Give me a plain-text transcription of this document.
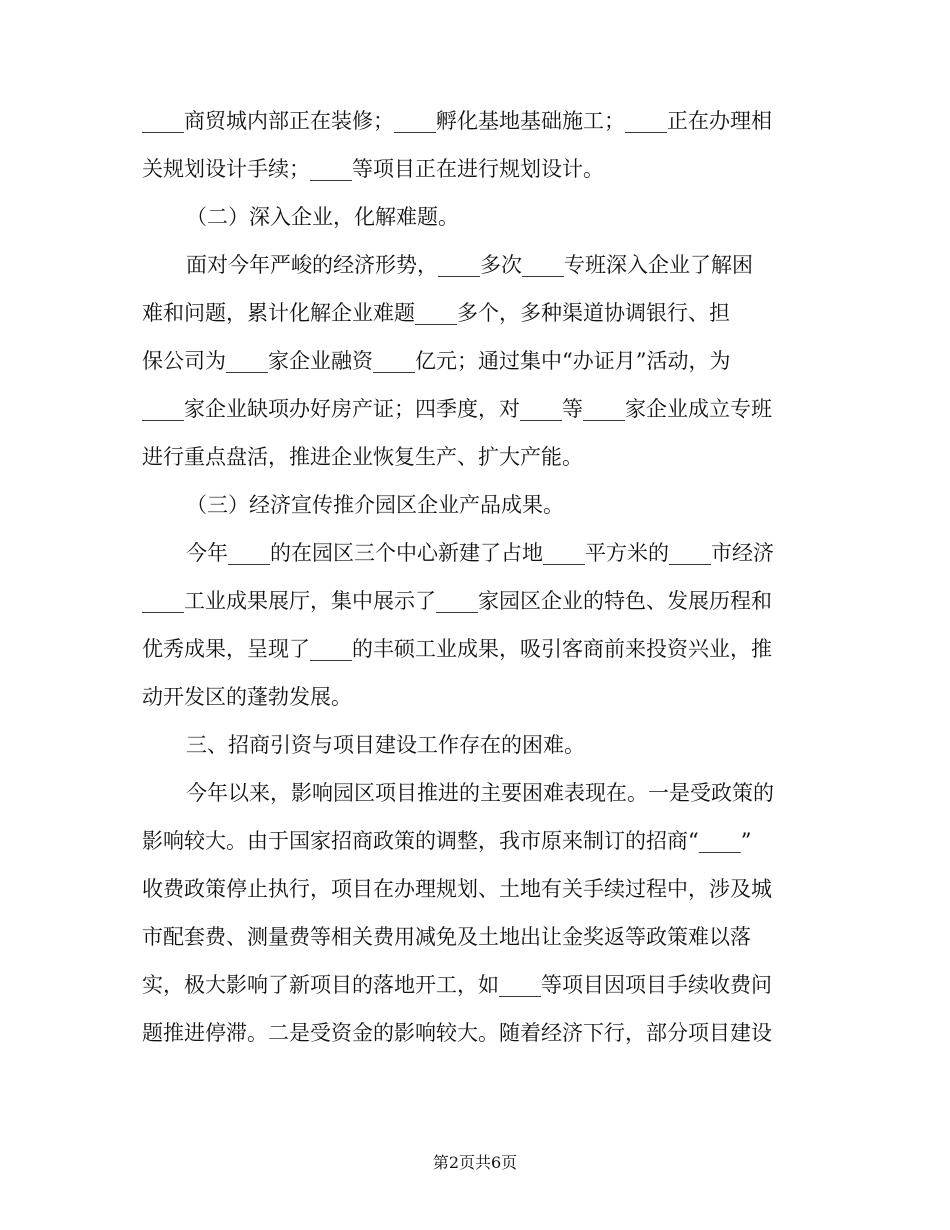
____商贸城内部正在装修；____孵化基地基础施工；____正在办理相
关规划设计手续；____等项目正在进行规划设计。
（二）深入企业，化解难题。
面对今年严峻的经济形势，____多次____专班深入企业了解困
难和问题，累计化解企业难题____多个，多种渠道协调银行、担
保公司为____家企业融资____亿元；通过集中“办证月”活动，为
____家企业缺项办好房产证；四季度，对____等____家企业成立专班
进行重点盘活，推进企业恢复生产、扩大产能。
（三）经济宣传推介园区企业产品成果。
今年____的在园区三个中心新建了占地____平方米的____市经济
____工业成果展厅，集中展示了____家园区企业的特色、发展历程和
优秀成果，呈现了____的丰硕工业成果，吸引客商前来投资兴业，推
动开发区的蓬勃发展。
三、招商引资与项目建设工作存在的困难。
今年以来，影响园区项目推进的主要困难表现在。一是受政策的
影响较大。由于国家招商政策的调整，我市原来制订的招商“____”
收费政策停止执行，项目在办理规划、土地有关手续过程中，涉及城
市配套费、测量费等相关费用减免及土地出让金奖返等政策难以落
实，极大影响了新项目的落地开工，如____等项目因项目手续收费问
题推进停滞。二是受资金的影响较大。随着经济下行，部分项目建设
第2页共6页
